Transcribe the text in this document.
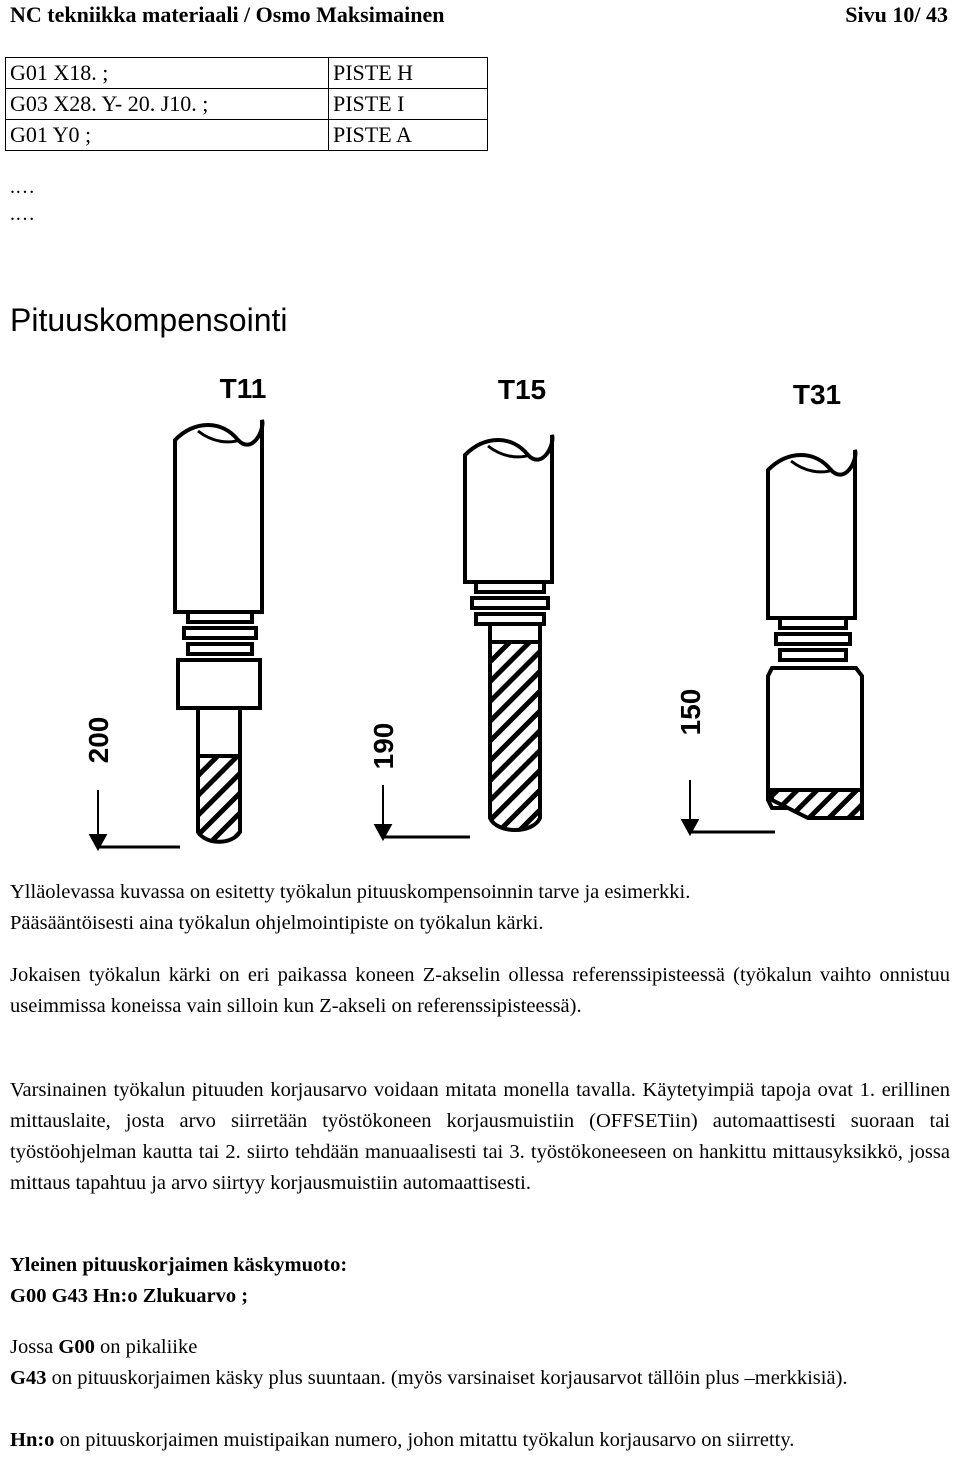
NC tekniikka materiaali / Osmo Maksimainen	Sivu 10/ 43
G01 X18. ;	PISTE H
G03 X28. Y- 20. J10. ;	PISTE I
G01 Y0 ;	PISTE A
.…
.…
Pituuskompensointi
T11
200
T15
190
T31
150
Ylläolevassa kuvassa on esitetty työkalun pituuskompensoinnin tarve ja esimerkki.
Pääsääntöisesti aina työkalun ohjelmointipiste on työkalun kärki.
Jokaisen työkalun kärki on eri paikassa koneen Z-akselin ollessa referenssipisteessä (työkalun vaihto onnistuu useimmissa koneissa vain silloin kun Z-akseli on referenssipisteessä).
Varsinainen työkalun pituuden korjausarvo voidaan mitata monella tavalla. Käytetyimpiä tapoja ovat 1. erillinen mittauslaite, josta arvo siirretään työstökoneen korjausmuistiin (OFFSETiin) automaattisesti suoraan tai työstöohjelman kautta tai 2. siirto tehdään manuaalisesti tai 3. työstökoneeseen on hankittu mittausyksikkö, jossa mittaus tapahtuu ja arvo siirtyy korjausmuistiin automaattisesti.
Yleinen pituuskorjaimen käskymuoto:
G00 G43 Hn:o Zlukuarvo ;
Jossa G00 on pikaliike
G43 on pituuskorjaimen käsky plus suuntaan. (myös varsinaiset korjausarvot tällöin plus –merkkisiä).
Hn:o on pituuskorjaimen muistipaikan numero, johon mitattu työkalun korjausarvo on siirretty.
